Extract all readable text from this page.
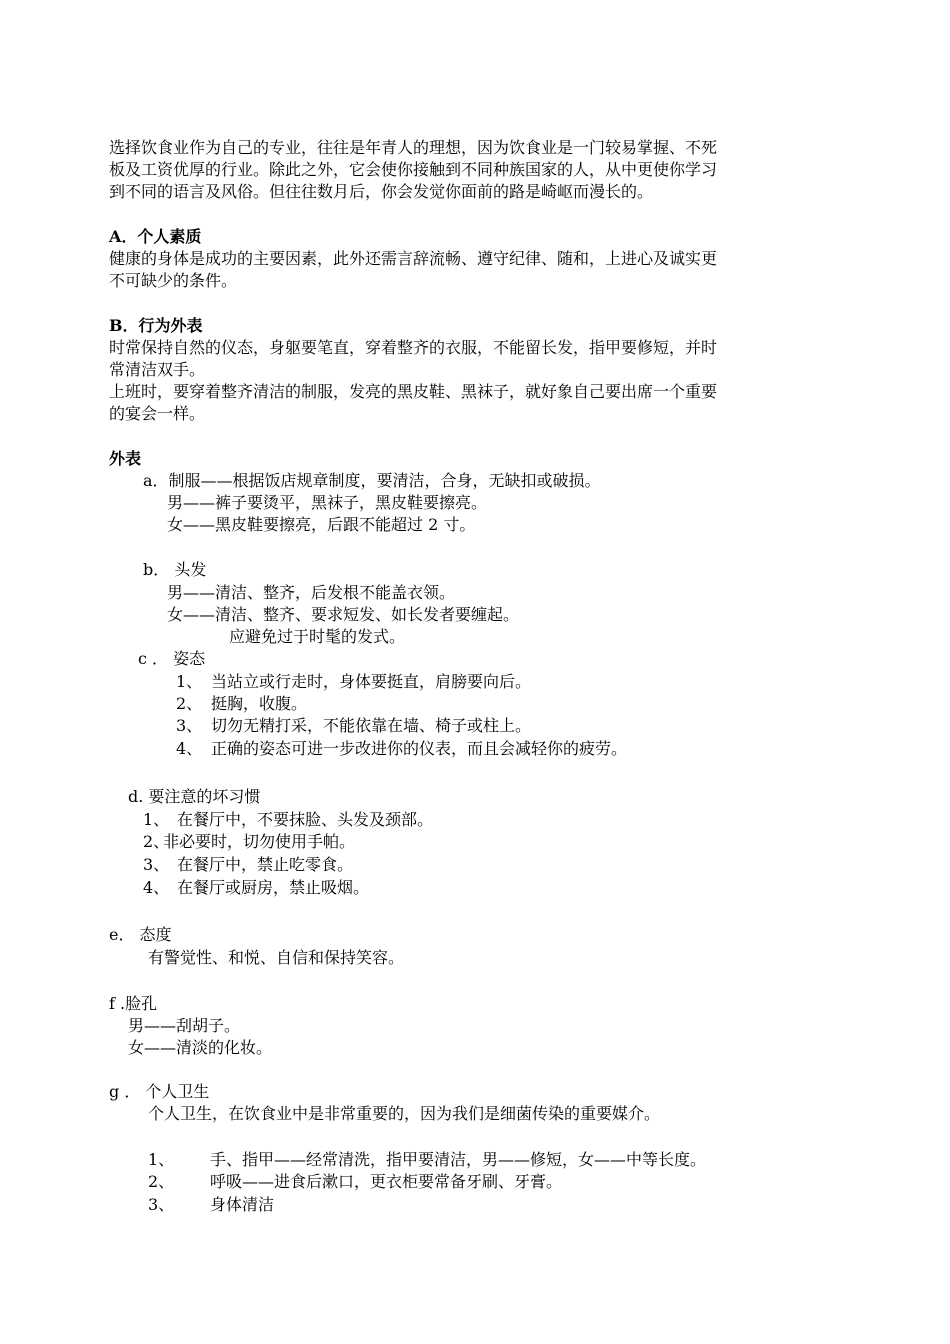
选择饮食业作为自己的专业，往往是年青人的理想，因为饮食业是一门较易掌握、不死
板及工资优厚的行业。除此之外，它会使你接触到不同种族国家的人，从中更使你学习
到不同的语言及风俗。但往往数月后，你会发觉你面前的路是崎岖而漫长的。
A．个人素质
健康的身体是成功的主要因素，此外还需言辞流畅、遵守纪律、随和，上进心及诚实更
不可缺少的条件。
B．行为外表
时常保持自然的仪态，身躯要笔直，穿着整齐的衣服，不能留长发，指甲要修短，并时
常清洁双手。
上班时，要穿着整齐清洁的制服，发亮的黑皮鞋、黑袜子，就好象自己要出席一个重要
的宴会一样。
外表
a．制服——根据饭店规章制度，要清洁，合身，无缺扣或破损。
男——裤子要烫平，黑袜子，黑皮鞋要擦亮。
女——黑皮鞋要擦亮，后跟不能超过 2 寸。
b． 头发
男——清洁、整齐，后发根不能盖衣领。
女——清洁、整齐、要求短发、如长发者要缠起。
应避免过于时髦的发式。
c ． 姿态
1、 当站立或行走时，身体要挺直，肩膀要向后。
2、 挺胸，收腹。
3、 切勿无精打采，不能依靠在墙、椅子或柱上。
4、 正确的姿态可进一步改进你的仪表，而且会减轻你的疲劳。
d. 要注意的坏习惯
1、 在餐厅中，不要抹脸、头发及颈部。
2、非必要时，切勿使用手帕。
3、 在餐厅中，禁止吃零食。
4、 在餐厅或厨房，禁止吸烟。
e． 态度
有警觉性、和悦、自信和保持笑容。
f .脸孔
男——刮胡子。
女——清淡的化妆。
g ． 个人卫生
个人卫生，在饮食业中是非常重要的，因为我们是细菌传染的重要媒介。
1、 手、指甲——经常清洗，指甲要清洁，男——修短，女——中等长度。
2、 呼吸——进食后漱口，更衣柜要常备牙刷、牙膏。
3、 身体清洁
